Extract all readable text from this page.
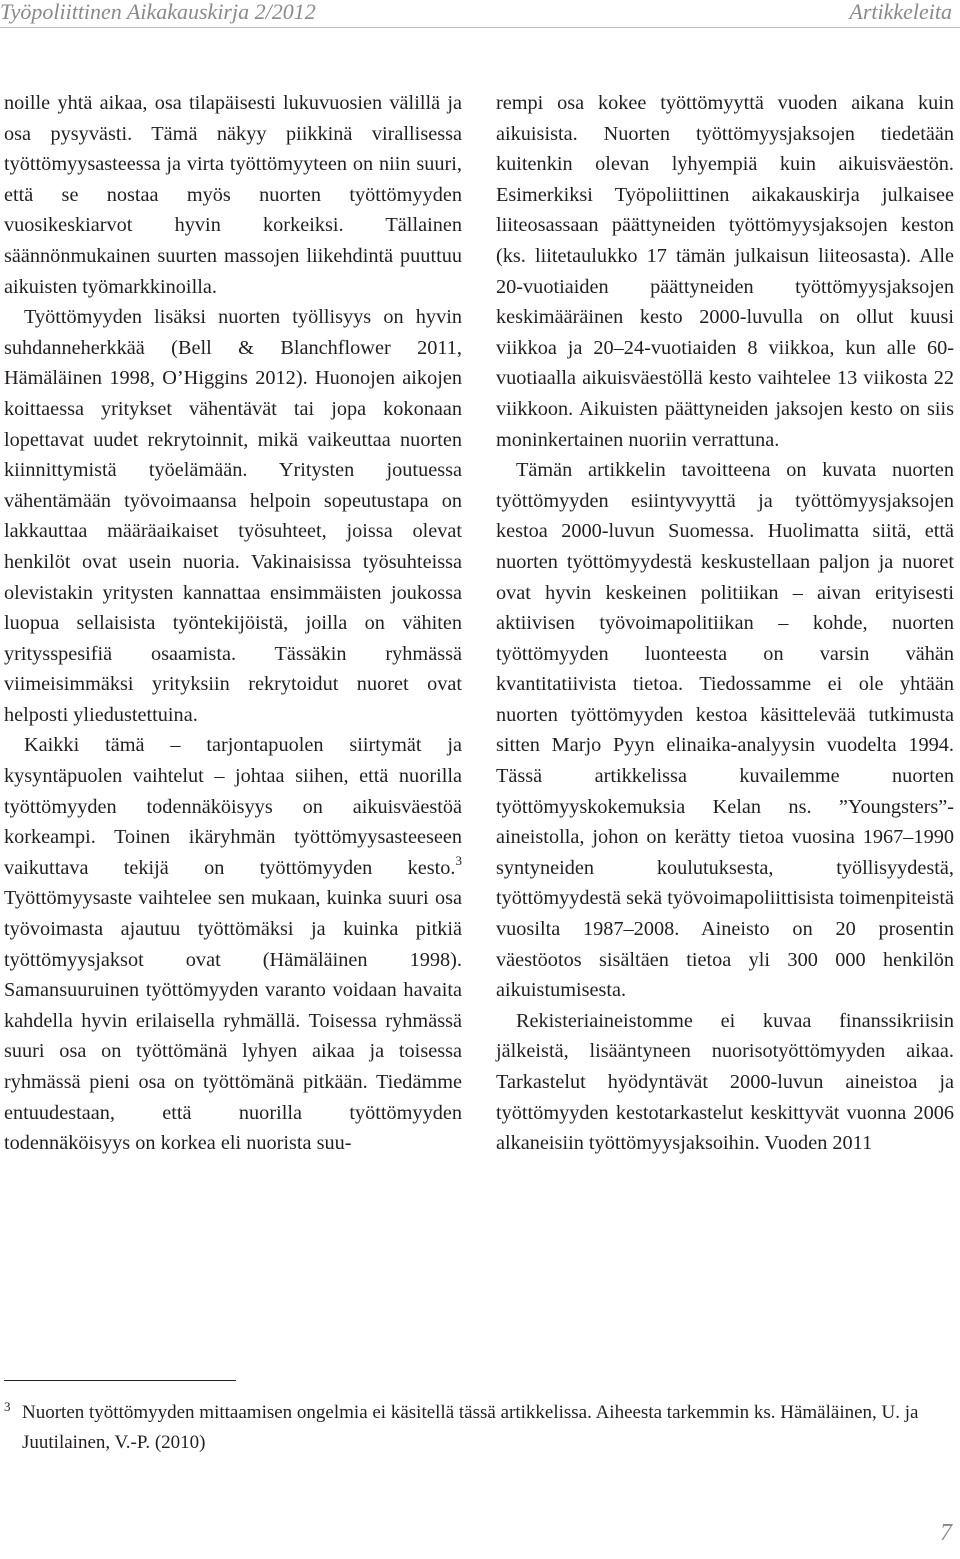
Työpoliittinen Aikakauskirja 2/2012	Artikkeleita

noille yhtä aikaa, osa tilapäisesti lukuvuosien välillä ja osa pysyvästi. Tämä näkyy piikkinä virallisessa työttömyysasteessa ja virta työttömyyteen on niin suuri, että se nostaa myös nuorten työttömyyden vuosikeskiarvot hyvin korkeiksi. Tällainen säännönmukainen suurten massojen liikehdintä puuttuu aikuisten työmarkkinoilla.

Työttömyyden lisäksi nuorten työllisyys on hyvin suhdanneherkkää (Bell & Blanchflower 2011, Hämäläinen 1998, O’Higgins 2012). Huonojen aikojen koittaessa yritykset vähentävät tai jopa kokonaan lopettavat uudet rekrytoinnit, mikä vaikeuttaa nuorten kiinnittymistä työelämään. Yritysten joutuessa vähentämään työvoimaansa helpoin sopeutustapa on lakkauttaa määräaikaiset työsuhteet, joissa olevat henkilöt ovat usein nuoria. Vakinaisissa työsuhteissa olevistakin yritysten kannattaa ensimmäisten joukossa luopua sellaisista työntekijöistä, joilla on vähiten yritysspesifiä osaamista. Tässäkin ryhmässä viimeisimmäksi yrityksiin rekrytoidut nuoret ovat helposti yliedustettuina.

Kaikki tämä – tarjontapuolen siirtymät ja kysyntäpuolen vaihtelut – johtaa siihen, että nuorilla työttömyyden todennäköisyys on aikuisväestöä korkeampi. Toinen ikäryhmän työttömyysasteeseen vaikuttava tekijä on työttömyyden kesto.$^3$ Työttömyysaste vaihtelee sen mukaan, kuinka suuri osa työvoimasta ajautuu työttömäksi ja kuinka pitkiä työttömyysjaksot ovat (Hämäläinen 1998). Samansuuruinen työttömyyden varanto voidaan havaita kahdella hyvin erilaisella ryhmällä. Toisessa ryhmässä suuri osa on työttömänä lyhyen aikaa ja toisessa ryhmässä pieni osa on työttömänä pitkään. Tiedämme entuudestaan, että nuorilla työttömyyden todennäköisyys on korkea eli nuorista suu-

rempi osa kokee työttömyyttä vuoden aikana kuin aikuisista. Nuorten työttömyysjaksojen tiedetään kuitenkin olevan lyhyempiä kuin aikuisväestön. Esimerkiksi Työpoliittinen aikakauskirja julkaisee liiteosassaan päättyneiden työttömyysjaksojen keston (ks. liitetaulukko 17 tämän julkaisun liiteosasta). Alle 20-vuotiaiden päättyneiden työttömyysjaksojen keskimääräinen kesto 2000-luvulla on ollut kuusi viikkoa ja 20–24-vuotiaiden 8 viikkoa, kun alle 60-vuotiaalla aikuisväestöllä kesto vaihtelee 13 viikosta 22 viikkoon. Aikuisten päättyneiden jaksojen kesto on siis moninkertainen nuoriin verrattuna.

Tämän artikkelin tavoitteena on kuvata nuorten työttömyyden esiintyvyyttä ja työttömyysjaksojen kestoa 2000-luvun Suomessa. Huolimatta siitä, että nuorten työttömyydestä keskustellaan paljon ja nuoret ovat hyvin keskeinen politiikan – aivan erityisesti aktiivisen työvoimapolitiikan – kohde, nuorten työttömyyden luonteesta on varsin vähän kvantitatiivista tietoa. Tiedossamme ei ole yhtään nuorten työttömyyden kestoa käsittelevää tutkimusta sitten Marjo Pyyn elinaika-analyysin vuodelta 1994. Tässä artikkelissa kuvailemme nuorten työttömyyskokemuksia Kelan ns. ”Youngsters”-aineistolla, johon on kerätty tietoa vuosina 1967–1990 syntyneiden koulutuksesta, työllisyydestä, työttömyydestä sekä työvoimapoliittisista toimenpiteistä vuosilta 1987–2008. Aineisto on 20 prosentin väestöotos sisältäen tietoa yli 300 000 henkilön aikuistumisesta.

Rekisteriaineistomme ei kuvaa finanssikriisin jälkeistä, lisääntyneen nuorisotyöttömyyden aikaa. Tarkastelut hyödyntävät 2000-luvun aineistoa ja työttömyyden kestotarkastelut keskittyvät vuonna 2006 alkaneisiin työttömyysjaksoihin. Vuoden 2011

3 Nuorten työttömyyden mittaamisen ongelmia ei käsitellä tässä artikkelissa. Aiheesta tarkemmin ks. Hämäläinen, U. ja Juutilainen, V.-P. (2010)
7
